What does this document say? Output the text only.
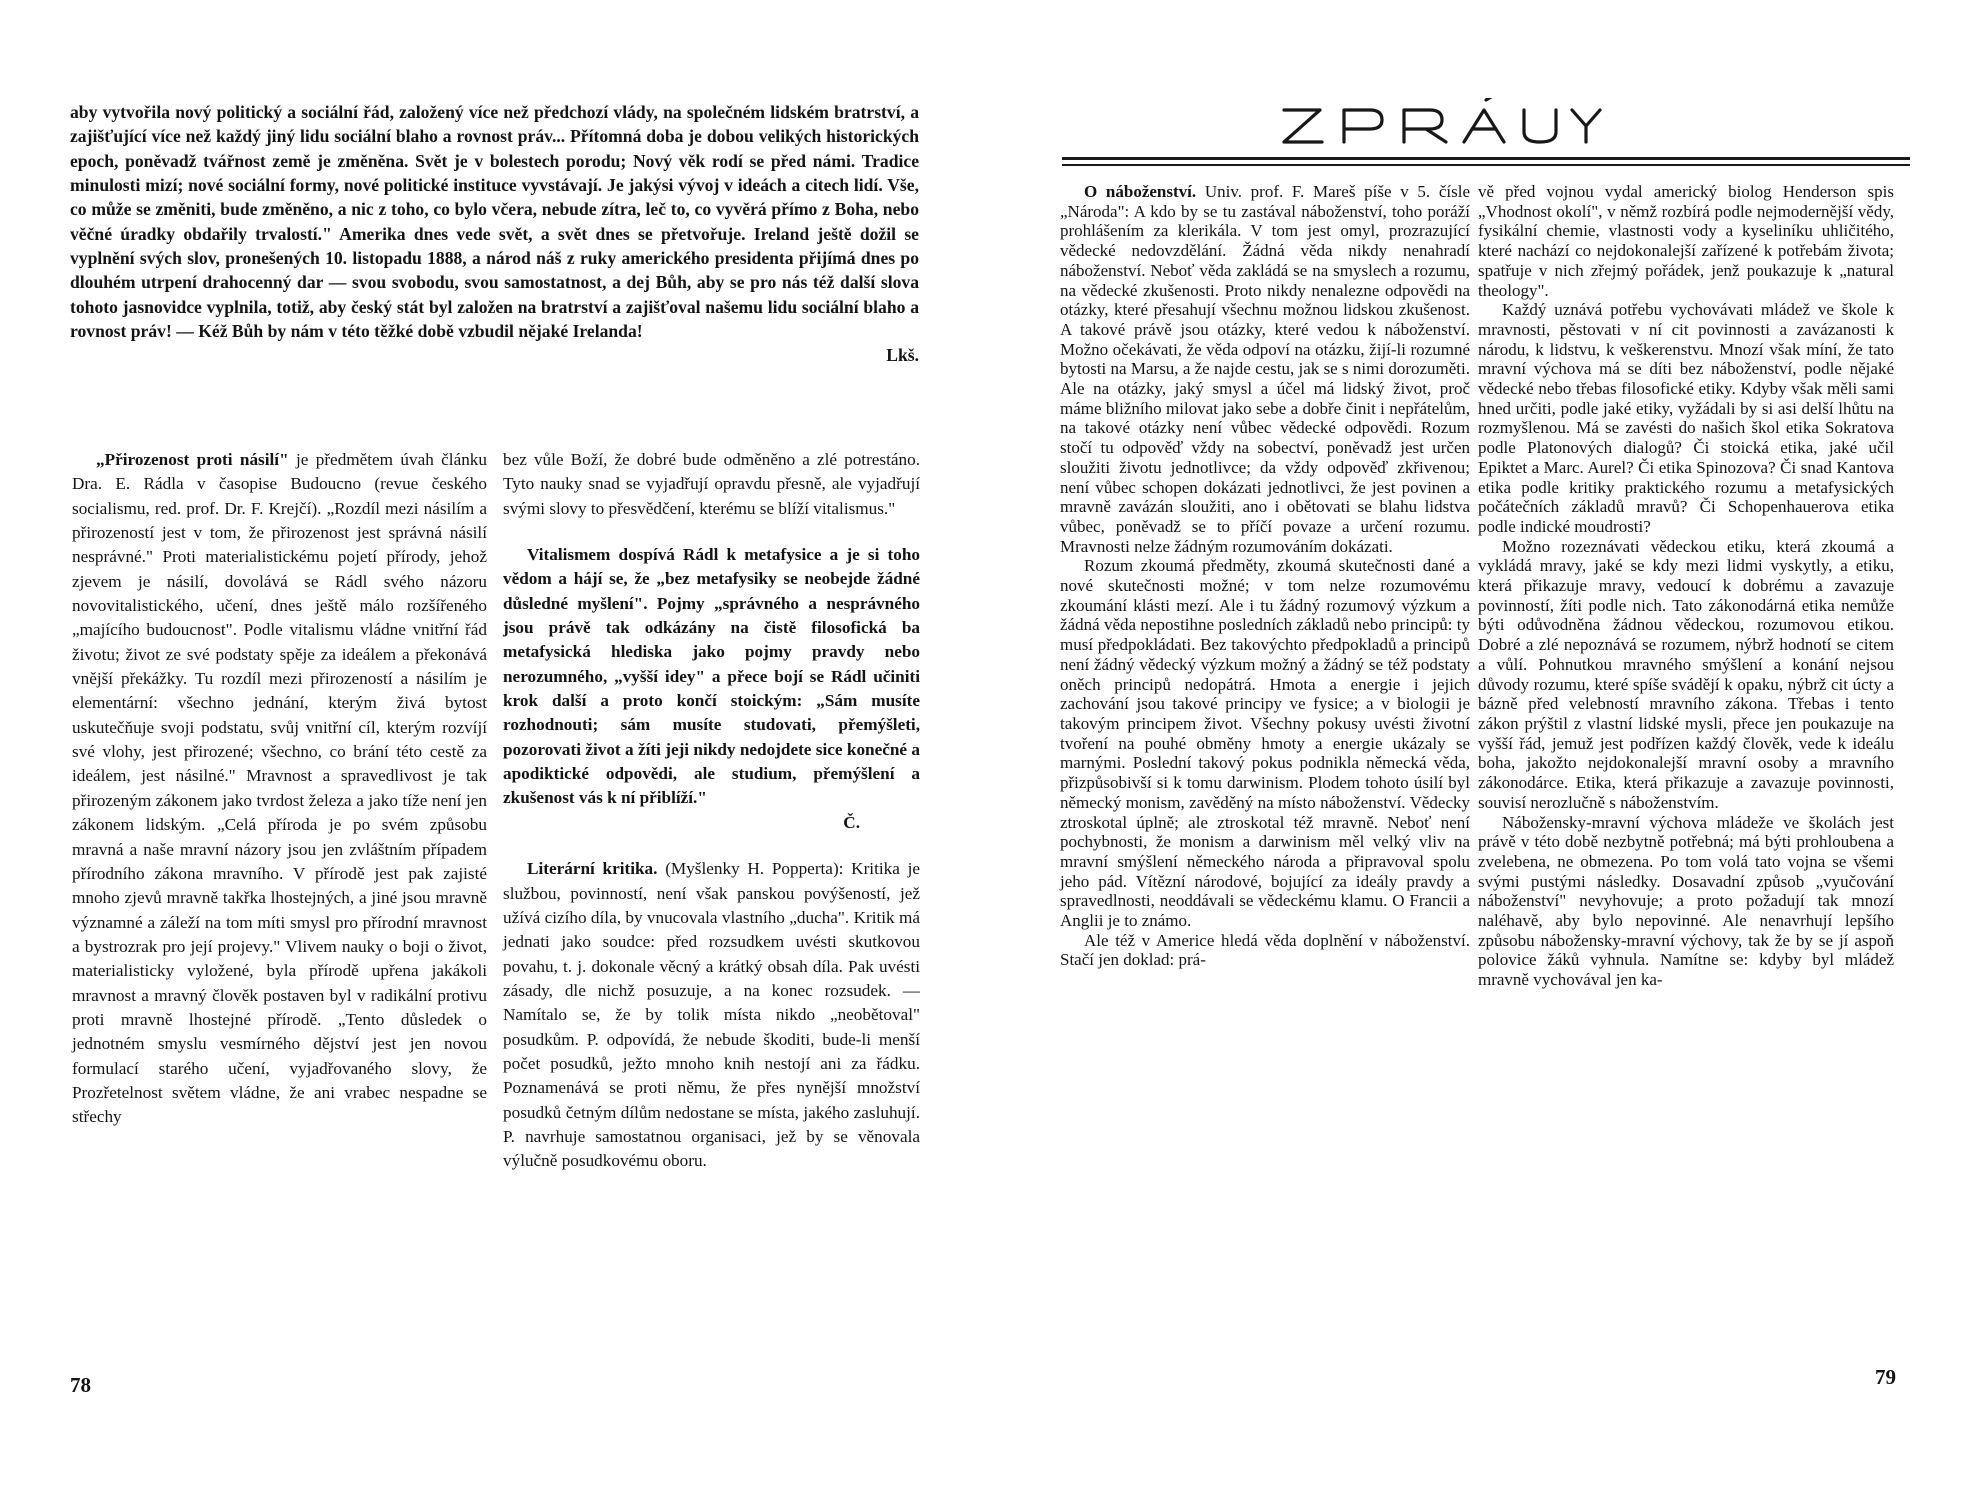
aby vytvořila nový politický a sociální řád, založený více než předchozí vlády, na společném lidském bratrství, a zajišťující více než každý jiný lidu sociální blaho a rovnost práv... Přítomná doba je dobou velikých historických epoch, poněvadž tvářnost země je změněna. Svět je v bolestech porodu; Nový věk rodí se před námi. Tradice minulosti mizí; nové sociální formy, nové politické instituce vyvstávají. Je jakýsi vývoj v ideách a citech lidí. Vše, co může se změniti, bude změněno, a nic z toho, co bylo včera, nebude zítra, leč to, co vyvěrá přímo z Boha, nebo věčné úradky obdařily trvalostí." Amerika dnes vede svět, a svět dnes se přetvořuje. Ireland ještě dožil se vyplnění svých slov, pronešených 10. listopadu 1888, a národ náš z ruky amerického presidenta přijímá dnes po dlouhém utrpení drahocenný dar — svou svobodu, svou samostatnost, a dej Bůh, aby se pro nás též další slova tohoto jasnovidce vyplnila, totiž, aby český stát byl založen na bratrství a zajišťoval našemu lidu sociální blaho a rovnost práv! — Kéž Bůh by nám v této těžké době vzbudil nějaké Irelanda!

Lkš.

„Přirozenost proti násilí" je předmětem úvah článku Dra. E. Rádla v časopise Budoucno (revue českého socialismu, red. prof. Dr. F. Krejčí). „Rozdíl mezi násilím a přirozeností jest v tom, že přirozenost jest správná násilí nesprávné." Proti materialistickému pojetí přírody, jehož zjevem je násilí, dovolává se Rádl svého názoru novovitalistického, učení, dnes ještě málo rozšířeného „majícího budoucnost". Podle vitalismu vládne vnitřní řád životu; život ze své podstaty spěje za ideálem a překonává vnější překážky. Tu rozdíl mezi přirozeností a násilím je elementární: všechno jednání, kterým živá bytost uskutečňuje svoji podstatu, svůj vnitřní cíl, kterým rozvíjí své vlohy, jest přirozené; všechno, co brání této cestě za ideálem, jest násilné." Mravnost a spravedlivost je tak přirozeným zákonem jako tvrdost železa a jako tíže není jen zákonem lidským. „Celá příroda je po svém způsobu mravná a naše mravní názory jsou jen zvláštním případem přírodního zákona mravního. V přírodě jest pak zajisté mnoho zjevů mravně takřka lhostejných, a jiné jsou mravně významné a záleží na tom míti smysl pro přírodní mravnost a bystrozrak pro její projevy." Vlivem nauky o boji o život, materialisticky vyložené, byla přírodě upřena jakákoli mravnost a mravný člověk postaven byl v radikální protivu proti mravně lhostejné přírodě. „Tento důsledek o jednotném smyslu vesmírného dějství jest jen novou formulací starého učení, vyjadřovaného slovy, že Prozřetelnost světem vládne, že ani vrabec nespadne se střechy

bez vůle Boží, že dobré bude odměněno a zlé potrestáno. Tyto nauky snad se vyjadřují opravdu přesně, ale vyjadřují svými slovy to přesvědčení, kterému se blíží vitalismus."

Vitalismem dospívá Rádl k metafysice a je si toho vědom a hájí se, že „bez metafysiky se neobejde žádné důsledné myšlení". Pojmy „správného a nesprávného jsou právě tak odkázány na čistě filosofická ba metafysická hlediska jako pojmy pravdy nebo nerozumného, „vyšší idey" a přece bojí se Rádl učiniti krok další a proto končí stoickým: „Sám musíte rozhodnouti; sám musíte studovati, přemýšleti, pozorovati život a žíti jeji nikdy nedojdete sice konečné a apodiktické odpovědi, ale studium, přemýšlení a zkušenost vás k ní přiblíží."

Č.

Literární kritika. (Myšlenky H. Popperta): Kritika je službou, povinností, není však panskou povýšeností, jež užívá cizího díla, by vnucovala vlastního „ducha". Kritik má jednati jako soudce: před rozsudkem uvésti skutkovou povahu, t. j. dokonale věcný a krátký obsah díla. Pak uvésti zásady, dle nichž posuzuje, a na konec rozsudek. — Namítalo se, že by tolik místa nikdo „neobětoval" posudkům. P. odpovídá, že nebude škoditi, bude-li menší počet posudků, ježto mnoho knih nestojí ani za řádku. Poznamenává se proti němu, že přes nynější množství posudků četným dílům nedostane se místa, jakého zasluhují. P. navrhuje samostatnou organisaci, jež by se věnovala výlučně posudkovému oboru.

78

O náboženství. Univ. prof. F. Mareš píše v 5. čísle „Národa": A kdo by se tu zastával náboženství, toho poráží prohlášením za klerikála. V tom jest omyl, prozrazující vědecké nedovzdělání. Žádná věda nikdy nenahradí náboženství. Neboť věda zakládá se na smyslech a rozumu, na vědecké zkušenosti. Proto nikdy nenalezne odpovědi na otázky, které přesahují všechnu možnou lidskou zkušenost. A takové právě jsou otázky, které vedou k náboženství. Možno očekávati, že věda odpoví na otázku, žijí-li rozumné bytosti na Marsu, a že najde cestu, jak se s nimi dorozuměti. Ale na otázky, jaký smysl a účel má lidský život, proč máme bližního milovat jako sebe a dobře činit i nepřátelům, na takové otázky není vůbec vědecké odpovědi. Rozum stočí tu odpověď vždy na sobectví, poněvadž jest určen sloužiti životu jednotlivce; da vždy odpověď zkřivenou; není vůbec schopen dokázati jednotlivci, že jest povinen a mravně zavázán sloužiti, ano i obětovati se blahu lidstva vůbec, poněvadž se to příčí povaze a určení rozumu. Mravnosti nelze žádným rozumováním dokázati.

Rozum zkoumá předměty, zkoumá skutečnosti dané a nové skutečnosti možné; v tom nelze rozumovému zkoumání klásti mezí. Ale i tu žádný rozumový výzkum a žádná věda nepostihne posledních základů nebo principů: ty musí předpokládati. Bez takovýchto předpokladů a principů není žádný vědecký výzkum možný a žádný se též podstaty oněch principů nedopátrá. Hmota a energie i jejich zachování jsou takové principy ve fysice; a v biologii je takovým principem život. Všechny pokusy uvésti životní tvoření na pouhé obměny hmoty a energie ukázaly se marnými. Poslední takový pokus podnikla německá věda, přizpůsobivší si k tomu darwinism. Plodem tohoto úsilí byl německý monism, zavěděný na místo náboženství. Vědecky ztroskotal úplně; ale ztroskotal též mravně. Neboť není pochybnosti, že monism a darwinism měl velký vliv na mravní smýšlení německého národa a připravoval spolu jeho pád. Vítězní národové, bojující za ideály pravdy a spravedlnosti, neoddávali se vědeckému klamu. O Francii a Anglii je to známo.

Ale též v Americe hledá věda doplnění v náboženství. Stačí jen doklad: prá-

vě před vojnou vydal americký biolog Henderson spis „Vhodnost okolí", v němž rozbírá podle nejmodernější vědy, fysikální chemie, vlastnosti vody a kyseliníku uhličitého, které nachází co nejdokonalejší zařízené k potřebám života; spatřuje v nich zřejmý pořádek, jenž poukazuje k „natural theology".

Každý uznává potřebu vychovávati mládež ve škole k mravnosti, pěstovati v ní cit povinnosti a zavázanosti k národu, k lidstvu, k veškerenstvu. Mnozí však míní, že tato mravní výchova má se díti bez náboženství, podle nějaké vědecké nebo třebas filosofické etiky. Kdyby však měli sami hned určiti, podle jaké etiky, vyžádali by si asi delší lhůtu na rozmyšlenou. Má se zavésti do našich škol etika Sokratova podle Platonových dialogů? Či stoická etika, jaké učil Epiktet a Marc. Aurel? Či etika Spinozova? Či snad Kantova etika podle kritiky praktického rozumu a metafysických počátečních základů mravů? Či Schopenhauerova etika podle indické moudrosti?

Možno rozeznávati vědeckou etiku, která zkoumá a vykládá mravy, jaké se kdy mezi lidmi vyskytly, a etiku, která přikazuje mravy, vedoucí k dobrému a zavazuje povinností, žíti podle nich. Tato zákonodárná etika nemůže býti odůvodněna žádnou vědeckou, rozumovou etikou. Dobré a zlé nepoznává se rozumem, nýbrž hodnotí se citem a vůlí. Pohnutkou mravného smýšlení a konání nejsou důvody rozumu, které spíše svádějí k opaku, nýbrž cit úcty a bázně před velebností mravního zákona. Třebas i tento zákon prýštil z vlastní lidské mysli, přece jen poukazuje na vyšší řád, jemuž jest podřízen každý člověk, vede k ideálu boha, jakožto nejdokonalejší mravní osoby a mravního zákonodárce. Etika, která přikazuje a zavazuje povinnosti, souvisí nerozlučně s náboženstvím.

Nábožensky-mravní výchova mládeže ve školách jest právě v této době nezbytně potřebná; má býti prohloubena a zvelebena, ne obmezena. Po tom volá tato vojna se všemi svými pustými následky. Dosavadní způsob „vyučování náboženství" nevyhovuje; a proto požadují tak mnozí naléhavě, aby bylo nepovinné. Ale nenavrhují lepšího způsobu nábožensky-mravní výchovy, tak že by se jí aspoň polovice žáků vyhnula. Namítne se: kdyby byl mládež mravně vychovával jen ka-

79
